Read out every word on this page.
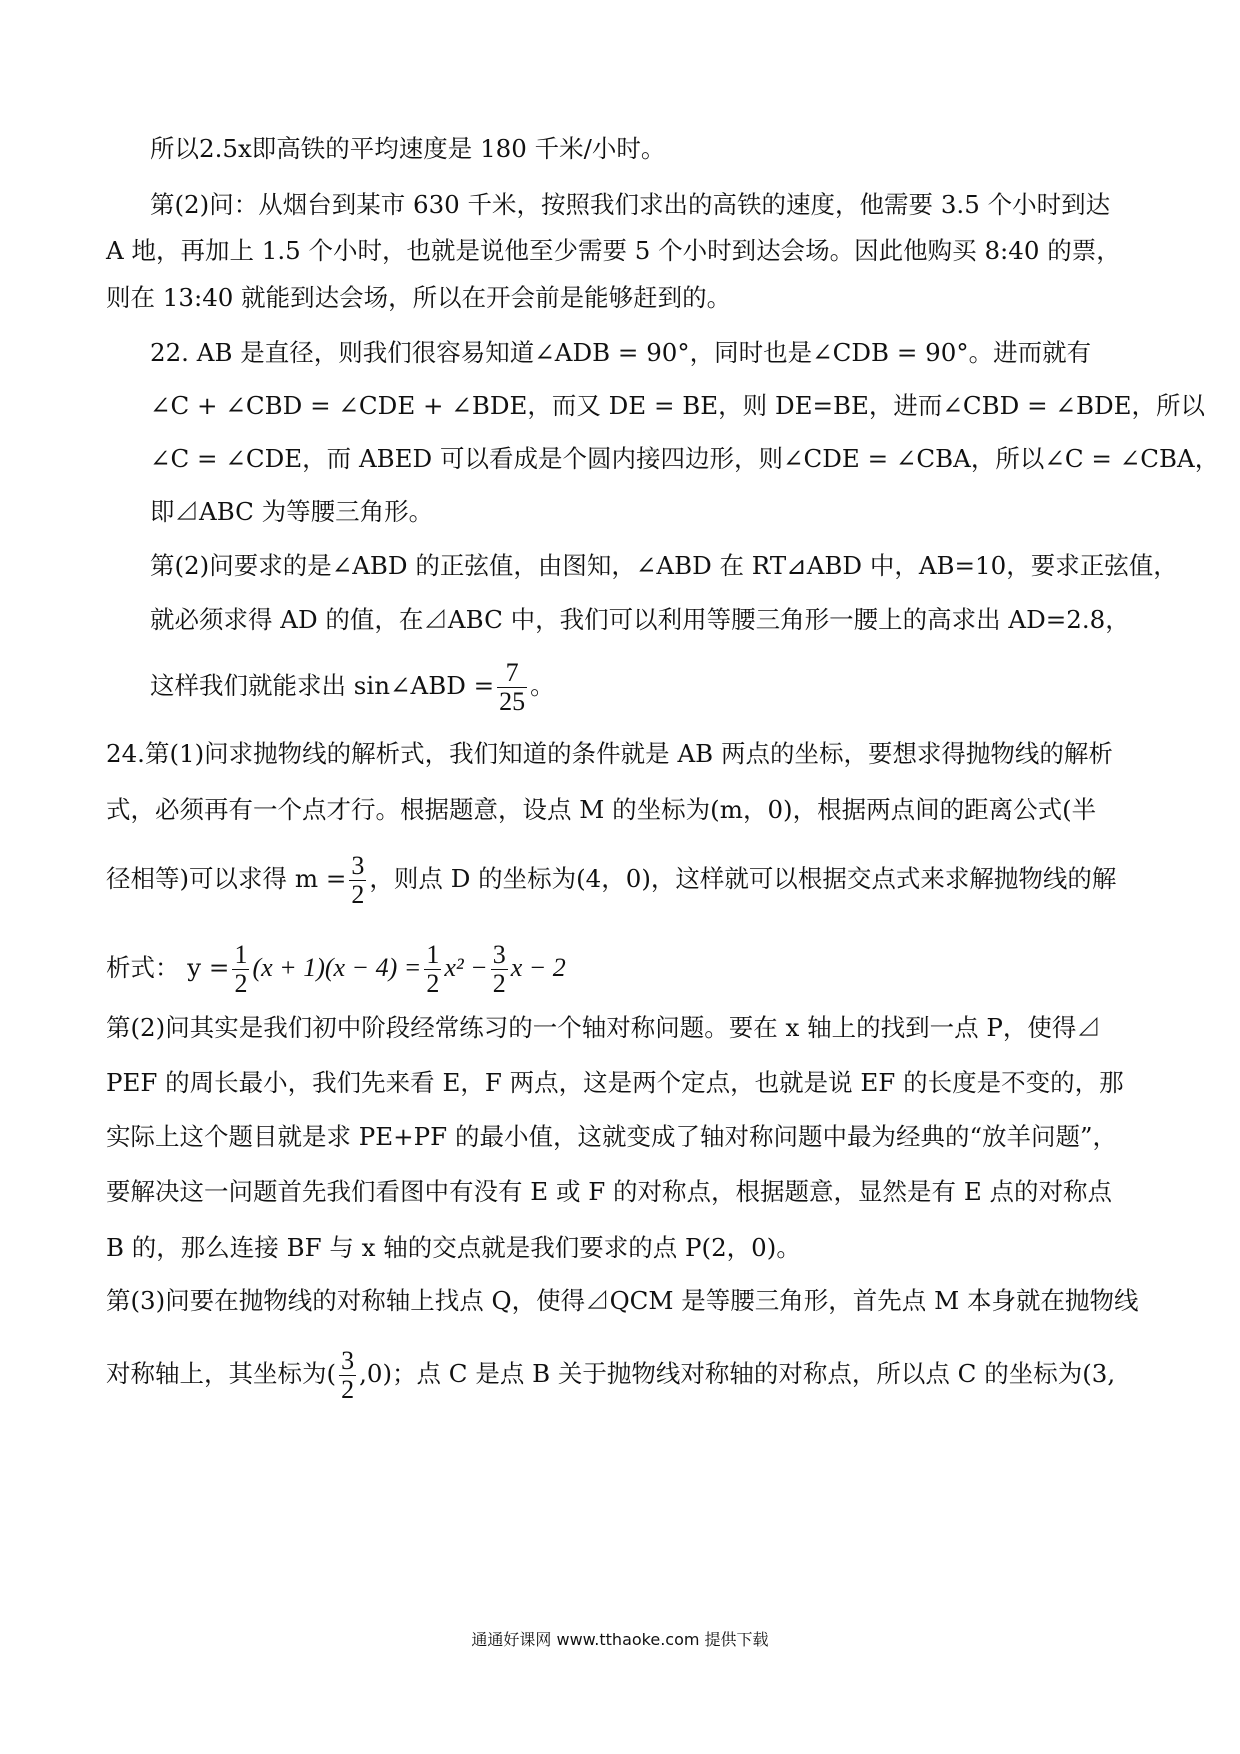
所以2.5x即高铁的平均速度是 180 千米/小时。
第(2)问：从烟台到某市 630 千米，按照我们求出的高铁的速度，他需要 3.5 个小时到达
A 地，再加上 1.5 个小时，也就是说他至少需要 5 个小时到达会场。因此他购买 8:40 的票，
则在 13:40 就能到达会场，所以在开会前是能够赶到的。
22. AB 是直径，则我们很容易知道∠ADB = 90°，同时也是∠CDB = 90°。进而就有
∠C + ∠CBD = ∠CDE + ∠BDE，而又 DE = BE，则 DE=BE，进而∠CBD = ∠BDE，所以
∠C = ∠CDE，而 ABED 可以看成是个圆内接四边形，则∠CDE = ∠CBA，所以∠C = ∠CBA，
即⊿ABC 为等腰三角形。
第(2)问要求的是∠ABD 的正弦值，由图知，∠ABD 在 RT⊿ABD 中，AB=10，要求正弦值，
就必须求得 AD 的值，在⊿ABC 中，我们可以利用等腰三角形一腰上的高求出 AD=2.8，
这样我们就能求出 sin∠ABD = $\frac{7}{25}$ 。
24.第(1)问求抛物线的解析式，我们知道的条件就是 AB 两点的坐标，要想求得抛物线的解析
式，必须再有一个点才行。根据题意，设点 M 的坐标为(m，0)，根据两点间的距离公式(半
径相等)可以求得 $m = \frac{3}{2}$ ，则点 D 的坐标为(4，0)，这样就可以根据交点式来求解抛物线的解
析式： $y = \frac{1}{2} (x + 1)(x - 4) = \frac{1}{2} x^2 - \frac{3}{2}$ x − 2
第(2)问其实是我们初中阶段经常练习的一个轴对称问题。要在 x 轴上的找到一点 P，使得⊿
PEF 的周长最小，我们先来看 E，F 两点，这是两个定点，也就是说 EF 的长度是不变的，那
实际上这个题目就是求 PE+PF 的最小值，这就变成了轴对称问题中最为经典的“放羊问题”，
要解决这一问题首先我们看图中有没有 E 或 F 的对称点，根据题意，显然是有 E 点的对称点
B 的，那么连接 BF 与 x 轴的交点就是我们要求的点 P(2，0)。
第(3)问要在抛物线的对称轴上找点 Q，使得⊿QCM 是等腰三角形，首先点 M 本身就在抛物线
对称轴上，其坐标为( $\frac{3}{2} ,0$)；点 C 是点 B 关于抛物线对称轴的对称点，所以点 C 的坐标为(3,
通通好课网 www.tthaoke.com 提供下载
